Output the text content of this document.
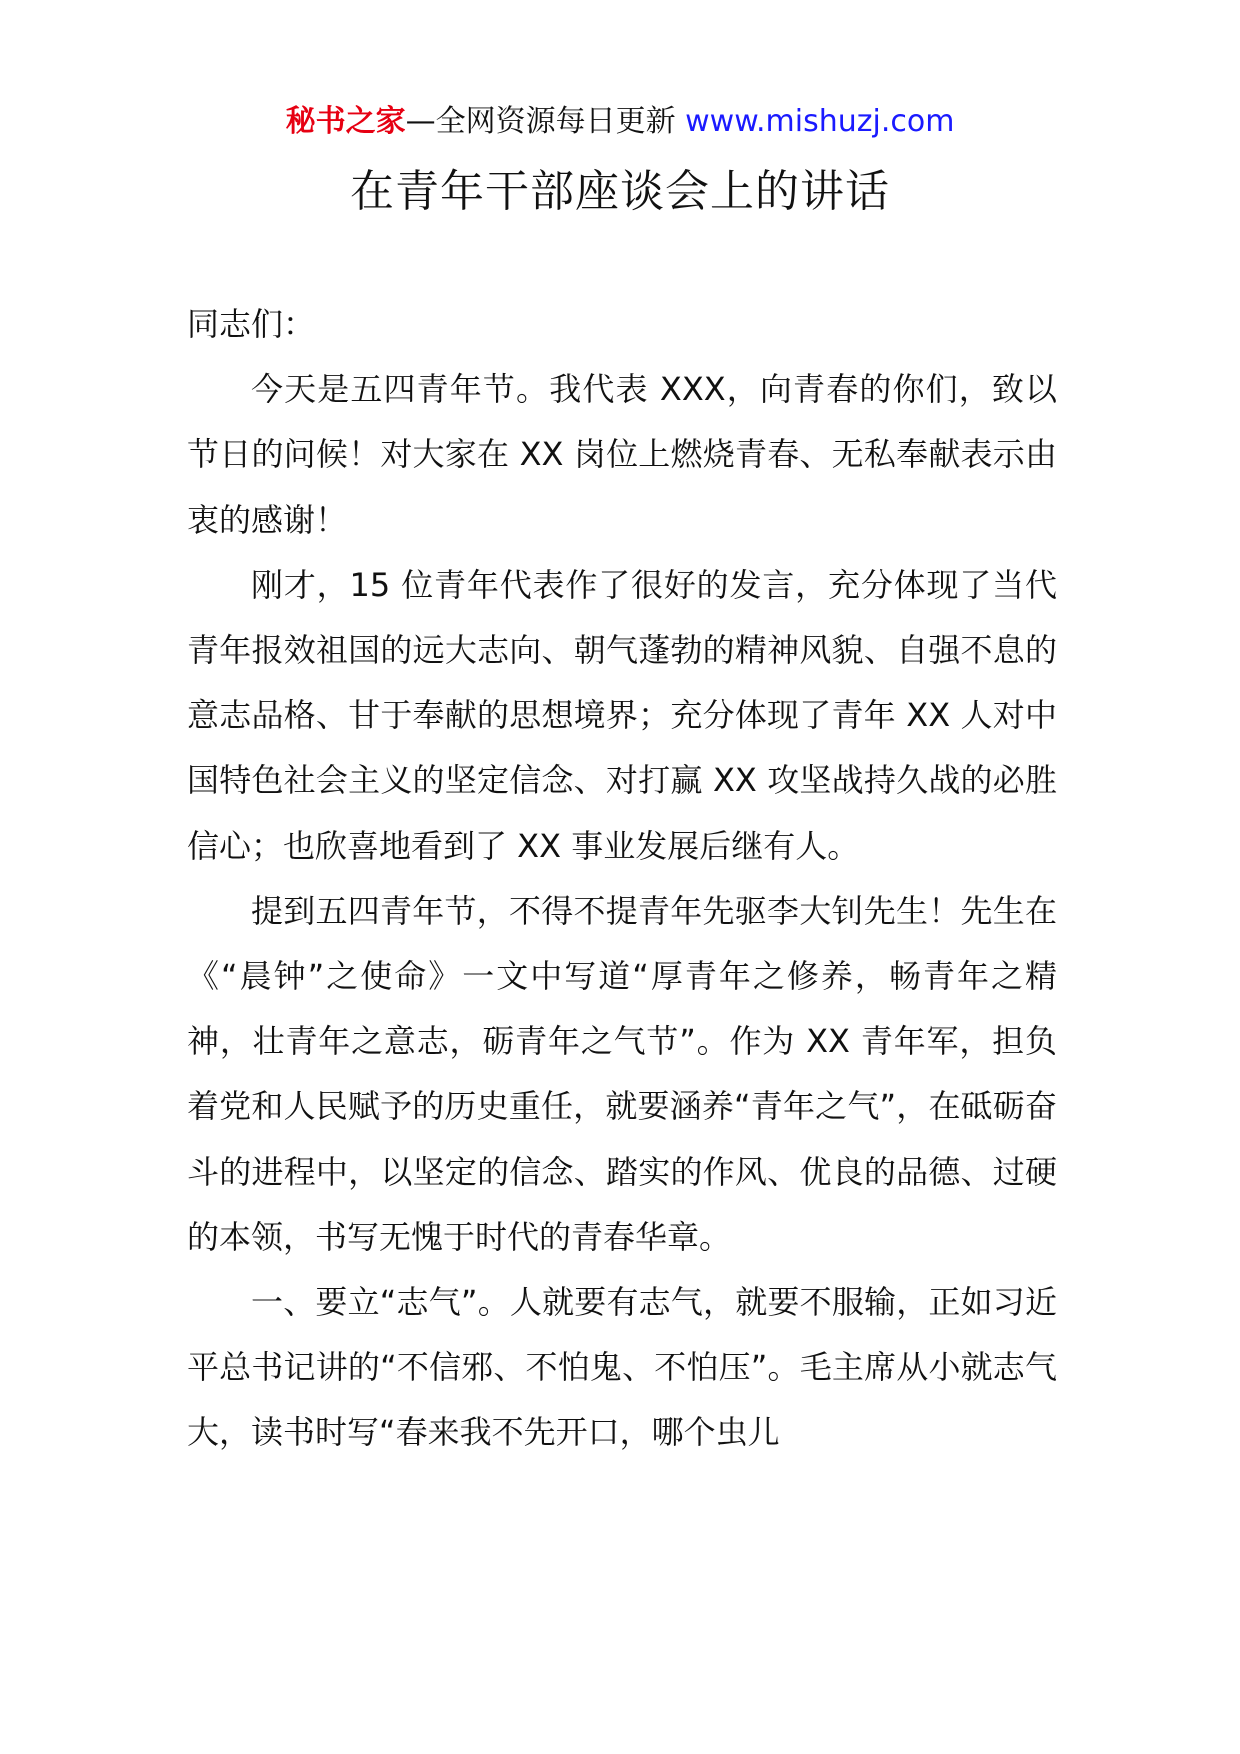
秘书之家—全网资源每日更新 www.mishuzj.com
在青年干部座谈会上的讲话

同志们：

今天是五四青年节。我代表 XXX，向青春的你们，致以节日的问候！对大家在 XX 岗位上燃烧青春、无私奉献表示由衷的感谢！

刚才，15 位青年代表作了很好的发言，充分体现了当代青年报效祖国的远大志向、朝气蓬勃的精神风貌、自强不息的意志品格、甘于奉献的思想境界；充分体现了青年 XX 人对中国特色社会主义的坚定信念、对打赢 XX 攻坚战持久战的必胜信心；也欣喜地看到了 XX 事业发展后继有人。

提到五四青年节，不得不提青年先驱李大钊先生！先生在《“晨钟”之使命》一文中写道“厚青年之修养，畅青年之精神，壮青年之意志，砺青年之气节”。作为 XX 青年军，担负着党和人民赋予的历史重任，就要涵养“青年之气”，在砥砺奋斗的进程中，以坚定的信念、踏实的作风、优良的品德、过硬的本领，书写无愧于时代的青春华章。

一、要立“志气”。人就要有志气，就要不服输，正如习近平总书记讲的“不信邪、不怕鬼、不怕压”。毛主席从小就志气大，读书时写“春来我不先开口，哪个虫儿
